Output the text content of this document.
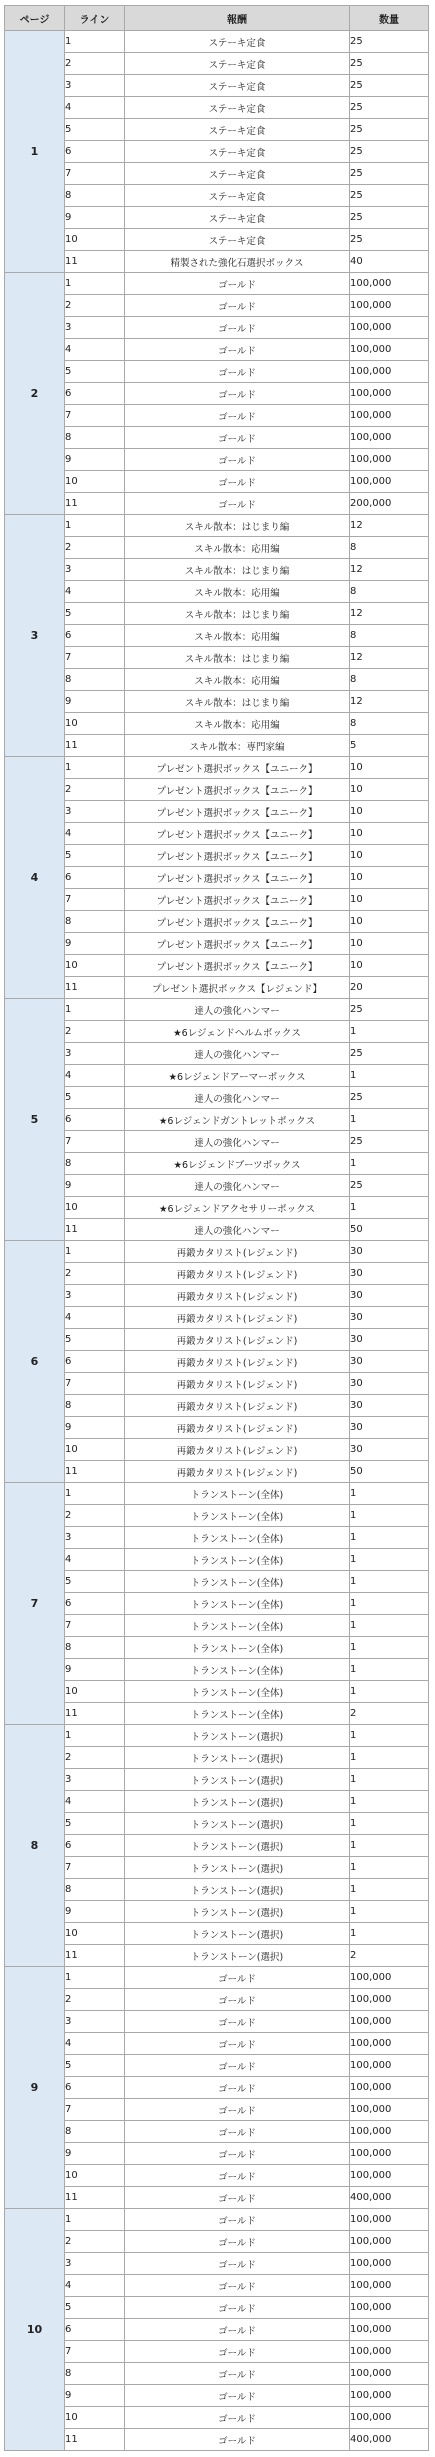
ページ	ライン	報酬	数量
1	1	ステーキ定食	25
	2	ステーキ定食	25
	3	ステーキ定食	25
	4	ステーキ定食	25
	5	ステーキ定食	25
	6	ステーキ定食	25
	7	ステーキ定食	25
	8	ステーキ定食	25
	9	ステーキ定食	25
	10	ステーキ定食	25
	11	精製された強化石選択ボックス	40
2	1	ゴールド	100,000
	2	ゴールド	100,000
	3	ゴールド	100,000
	4	ゴールド	100,000
	5	ゴールド	100,000
	6	ゴールド	100,000
	7	ゴールド	100,000
	8	ゴールド	100,000
	9	ゴールド	100,000
	10	ゴールド	100,000
	11	ゴールド	200,000
3	1	スキル散本：はじまり編	12
	2	スキル散本：応用編	8
	3	スキル散本：はじまり編	12
	4	スキル散本：応用編	8
	5	スキル散本：はじまり編	12
	6	スキル散本：応用編	8
	7	スキル散本：はじまり編	12
	8	スキル散本：応用編	8
	9	スキル散本：はじまり編	12
	10	スキル散本：応用編	8
	11	スキル散本：専門家編	5
4	1	プレゼント選択ボックス【ユニーク】	10
	2	プレゼント選択ボックス【ユニーク】	10
	3	プレゼント選択ボックス【ユニーク】	10
	4	プレゼント選択ボックス【ユニーク】	10
	5	プレゼント選択ボックス【ユニーク】	10
	6	プレゼント選択ボックス【ユニーク】	10
	7	プレゼント選択ボックス【ユニーク】	10
	8	プレゼント選択ボックス【ユニーク】	10
	9	プレゼント選択ボックス【ユニーク】	10
	10	プレゼント選択ボックス【ユニーク】	10
	11	プレゼント選択ボックス【レジェンド】	20
5	1	達人の強化ハンマー	25
	2	★6レジェンドヘルムボックス	1
	3	達人の強化ハンマー	25
	4	★6レジェンドアーマーボックス	1
	5	達人の強化ハンマー	25
	6	★6レジェンドガントレットボックス	1
	7	達人の強化ハンマー	25
	8	★6レジェンドブーツボックス	1
	9	達人の強化ハンマー	25
	10	★6レジェンドアクセサリーボックス	1
	11	達人の強化ハンマー	50
6	1	再鍛カタリスト(レジェンド)	30
	2	再鍛カタリスト(レジェンド)	30
	3	再鍛カタリスト(レジェンド)	30
	4	再鍛カタリスト(レジェンド)	30
	5	再鍛カタリスト(レジェンド)	30
	6	再鍛カタリスト(レジェンド)	30
	7	再鍛カタリスト(レジェンド)	30
	8	再鍛カタリスト(レジェンド)	30
	9	再鍛カタリスト(レジェンド)	30
	10	再鍛カタリスト(レジェンド)	30
	11	再鍛カタリスト(レジェンド)	50
7	1	トランストーン(全体)	1
	2	トランストーン(全体)	1
	3	トランストーン(全体)	1
	4	トランストーン(全体)	1
	5	トランストーン(全体)	1
	6	トランストーン(全体)	1
	7	トランストーン(全体)	1
	8	トランストーン(全体)	1
	9	トランストーン(全体)	1
	10	トランストーン(全体)	1
	11	トランストーン(全体)	2
8	1	トランストーン(選択)	1
	2	トランストーン(選択)	1
	3	トランストーン(選択)	1
	4	トランストーン(選択)	1
	5	トランストーン(選択)	1
	6	トランストーン(選択)	1
	7	トランストーン(選択)	1
	8	トランストーン(選択)	1
	9	トランストーン(選択)	1
	10	トランストーン(選択)	1
	11	トランストーン(選択)	2
9	1	ゴールド	100,000
	2	ゴールド	100,000
	3	ゴールド	100,000
	4	ゴールド	100,000
	5	ゴールド	100,000
	6	ゴールド	100,000
	7	ゴールド	100,000
	8	ゴールド	100,000
	9	ゴールド	100,000
	10	ゴールド	100,000
	11	ゴールド	400,000
10	1	ゴールド	100,000
	2	ゴールド	100,000
	3	ゴールド	100,000
	4	ゴールド	100,000
	5	ゴールド	100,000
	6	ゴールド	100,000
	7	ゴールド	100,000
	8	ゴールド	100,000
	9	ゴールド	100,000
	10	ゴールド	100,000
	11	ゴールド	400,000
